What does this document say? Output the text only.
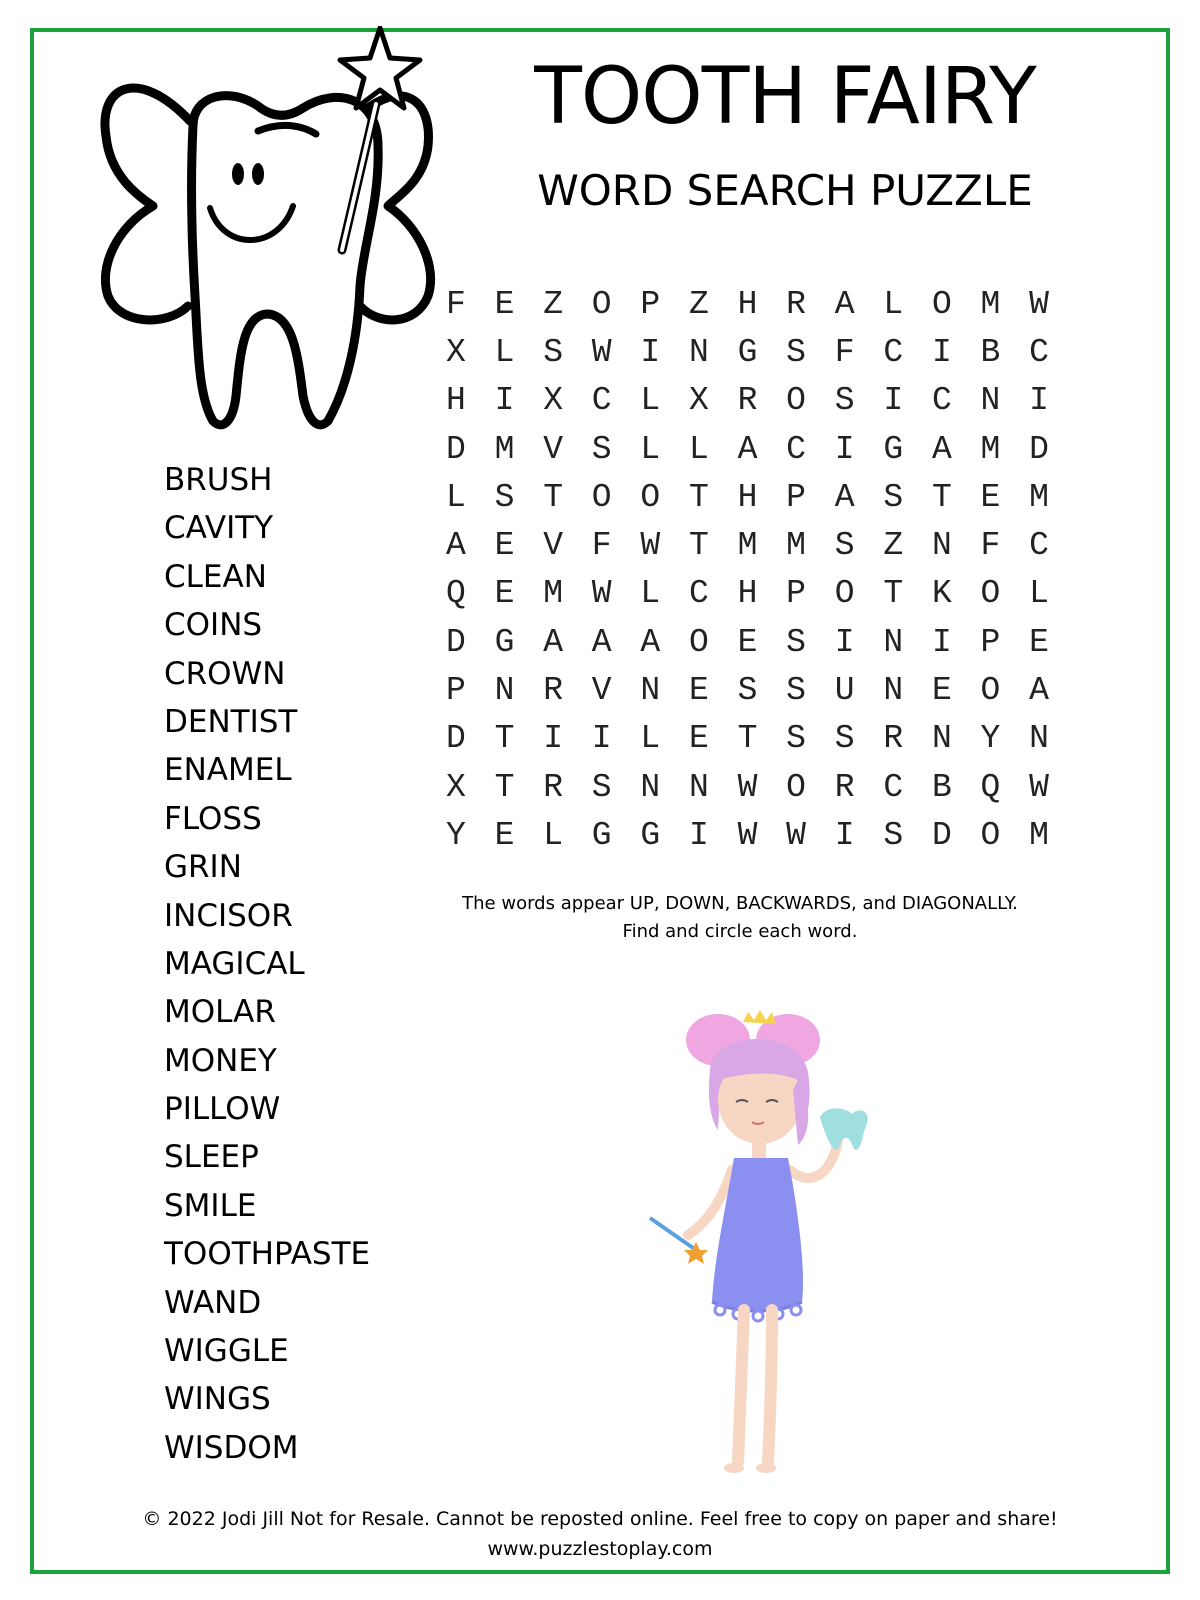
TOOTH FAIRY
WORD SEARCH PUZZLE
F E Z O P Z H R A L O M W
X L S W I N G S F C I B C
H I X C L X R O S I C N I
D M V S L L A C I G A M D
L S T O O T H P A S T E M
A E V F W T M M S Z N F C
Q E M W L C H P O T K O L
D G A A A O E S I N I P E
P N R V N E S S U N E O A
D T I I L E T S S R N Y N
X T R S N N W O R C B Q W
Y E L G G I W W I S D O M
BRUSH
CAVITY
CLEAN
COINS
CROWN
DENTIST
ENAMEL
FLOSS
GRIN
INCISOR
MAGICAL
MOLAR
MONEY
PILLOW
SLEEP
SMILE
TOOTHPASTE
WAND
WIGGLE
WINGS
WISDOM
The words appear UP, DOWN, BACKWARDS, and DIAGONALLY.
Find and circle each word.
© 2022 Jodi Jill Not for Resale. Cannot be reposted online. Feel free to copy on paper and share!
www.puzzlestoplay.com
